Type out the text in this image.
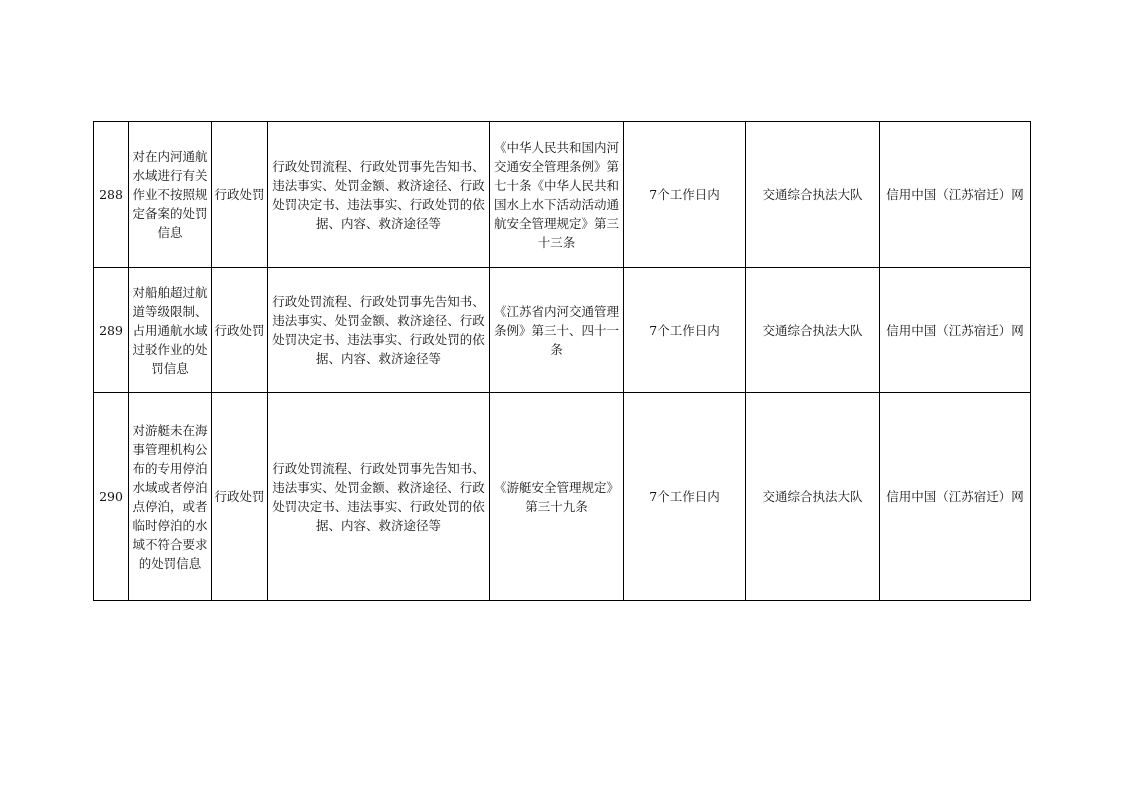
288	对在内河通航水域进行有关作业不按照规定备案的处罚信息	行政处罚	行政处罚流程、行政处罚事先告知书、违法事实、处罚金额、救济途径、行政处罚决定书、违法事实、行政处罚的依据、内容、救济途径等	《中华人民共和国内河交通安全管理条例》第七十条《中华人民共和国水上水下活动活动通航安全管理规定》第三十三条	7个工作日内	交通综合执法大队	信用中国（江苏宿迁）网
289	对船舶超过航道等级限制、占用通航水域过驳作业的处罚信息	行政处罚	行政处罚流程、行政处罚事先告知书、违法事实、处罚金额、救济途径、行政处罚决定书、违法事实、行政处罚的依据、内容、救济途径等	《江苏省内河交通管理条例》第三十、四十一条	7个工作日内	交通综合执法大队	信用中国（江苏宿迁）网
290	对游艇未在海事管理机构公布的专用停泊水域或者停泊点停泊，或者临时停泊的水域不符合要求的处罚信息	行政处罚	行政处罚流程、行政处罚事先告知书、违法事实、处罚金额、救济途径、行政处罚决定书、违法事实、行政处罚的依据、内容、救济途径等	《游艇安全管理规定》第三十九条	7个工作日内	交通综合执法大队	信用中国（江苏宿迁）网
